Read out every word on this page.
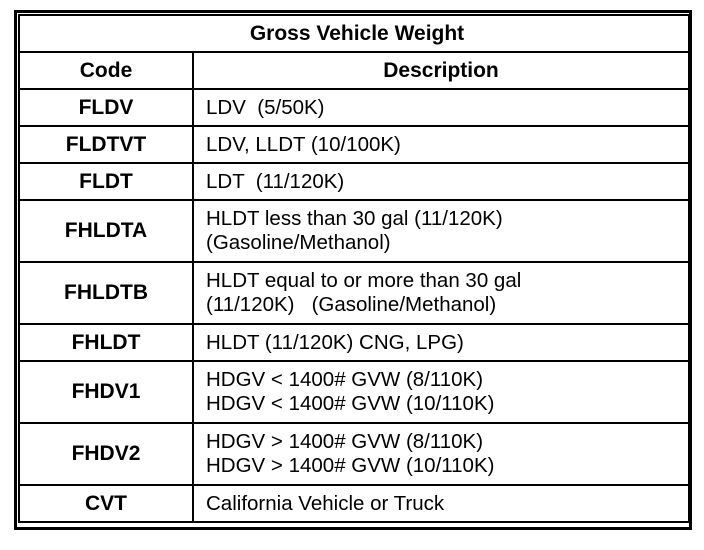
Gross Vehicle Weight	
Code	Description
FLDV	LDV  (5/50K)

FLDTVT	LDV, LLDT (10/100K)

FLDT	LDT  (11/120K)

FHLDTA	HLDT less than 30 gal (11/120K)
(Gasoline/Methanol)

FHLDTB	HLDT equal to or more than 30 gal
(11/120K)   (Gasoline/Methanol)

FHLDT	HLDT (11/120K) CNG, LPG)

FHDV1	HDGV < 1400# GVW (8/110K)
HDGV < 1400# GVW (10/110K)

FHDV2	HDGV > 1400# GVW (8/110K)
HDGV > 1400# GVW (10/110K)

CVT	California Vehicle or Truck
